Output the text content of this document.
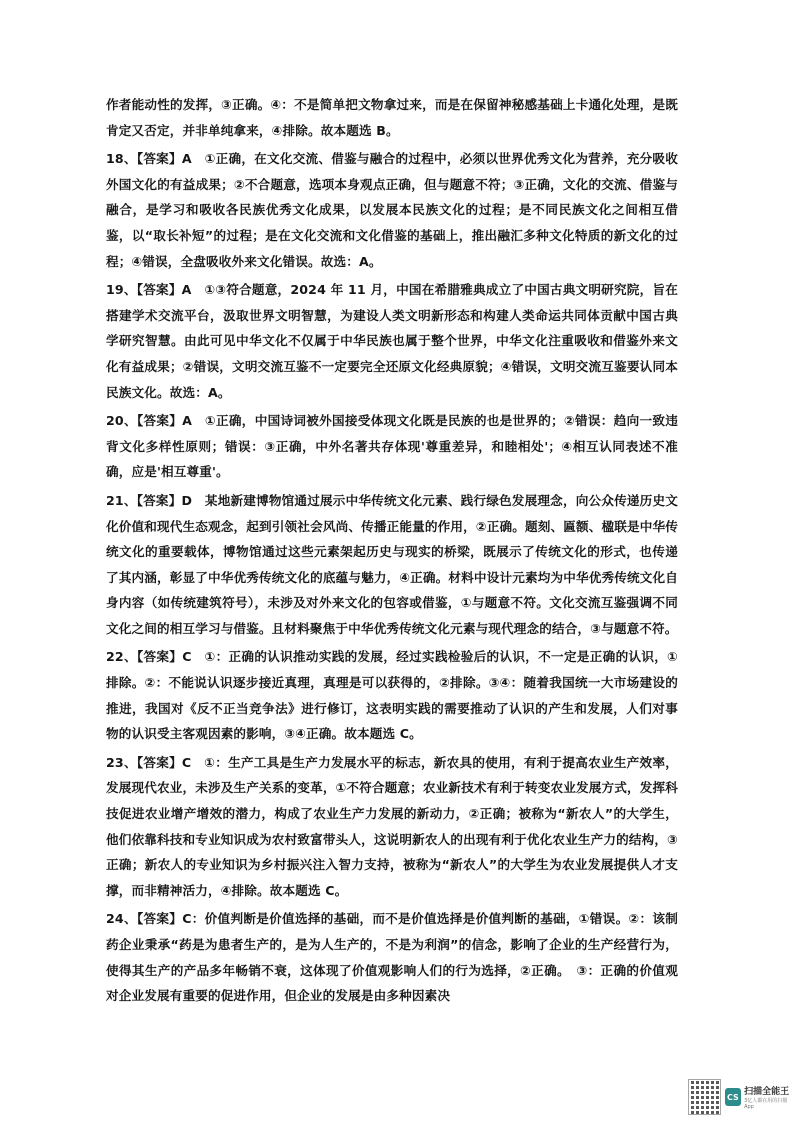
作者能动性的发挥，③正确。④：不是简单把文物拿过来，而是在保留神秘感基础上卡通化处理，是既肯定又否定，并非单纯拿来，④排除。故本题选 B。

18、【答案】A　①正确，在文化交流、借鉴与融合的过程中，必须以世界优秀文化为营养，充分吸收外国文化的有益成果；②不合题意，选项本身观点正确，但与题意不符；③正确，文化的交流、借鉴与融合，是学习和吸收各民族优秀文化成果，以发展本民族文化的过程；是不同民族文化之间相互借鉴，以“取长补短”的过程；是在文化交流和文化借鉴的基础上，推出融汇多种文化特质的新文化的过程；④错误，全盘吸收外来文化错误。故选：A。

19、【答案】A　①③符合题意，2024 年 11 月，中国在希腊雅典成立了中国古典文明研究院，旨在搭建学术交流平台，汲取世界文明智慧，为建设人类文明新形态和构建人类命运共同体贡献中国古典学研究智慧。由此可见中华文化不仅属于中华民族也属于整个世界，中华文化注重吸收和借鉴外来文化有益成果；②错误，文明交流互鉴不一定要完全还原文化经典原貌；④错误，文明交流互鉴要认同本民族文化。故选：A。

20、【答案】A　①正确，中国诗词被外国接受体现文化既是民族的也是世界的；②错误：趋向一致违背文化多样性原则；错误：③正确，中外名著共存体现'尊重差异，和睦相处'；④相互认同表述不准确，应是'相互尊重'。

21、【答案】D　某地新建博物馆通过展示中华传统文化元素、践行绿色发展理念，向公众传递历史文化价值和现代生态观念，起到引领社会风尚、传播正能量的作用，②正确。题刻、匾额、楹联是中华传统文化的重要载体，博物馆通过这些元素架起历史与现实的桥梁，既展示了传统文化的形式，也传递了其内涵，彰显了中华优秀传统文化的底蕴与魅力，④正确。材料中设计元素均为中华优秀传统文化自身内容（如传统建筑符号），未涉及对外来文化的包容或借鉴，①与题意不符。文化交流互鉴强调不同文化之间的相互学习与借鉴。且材料聚焦于中华优秀传统文化元素与现代理念的结合，③与题意不符。

22、【答案】C　①：正确的认识推动实践的发展，经过实践检验后的认识，不一定是正确的认识，①排除。②：不能说认识逐步接近真理，真理是可以获得的，②排除。③④：随着我国统一大市场建设的推进，我国对《反不正当竞争法》进行修订，这表明实践的需要推动了认识的产生和发展，人们对事物的认识受主客观因素的影响，③④正确。故本题选 C。

23、【答案】C　①：生产工具是生产力发展水平的标志，新农具的使用，有利于提高农业生产效率，发展现代农业，未涉及生产关系的变革，①不符合题意；农业新技术有利于转变农业发展方式，发挥科技促进农业增产增效的潜力，构成了农业生产力发展的新动力，②正确；被称为“新农人”的大学生，他们依靠科技和专业知识成为农村致富带头人，这说明新农人的出现有利于优化农业生产力的结构，③正确；新农人的专业知识为乡村振兴注入智力支持，被称为“新农人”的大学生为农业发展提供人才支撑，而非精神活力，④排除。故本题选 C。

24、【答案】C：价值判断是价值选择的基础，而不是价值选择是价值判断的基础，①错误。②：该制药企业秉承“药是为患者生产的，是为人生产的，不是为利润”的信念，影响了企业的生产经营行为，使得其生产的产品多年畅销不衰，这体现了价值观影响人们的行为选择，②正确。　③：正确的价值观对企业发展有重要的促进作用，但企业的发展是由多种因素决

CS 扫描全能王
3亿人都在用的扫描App
